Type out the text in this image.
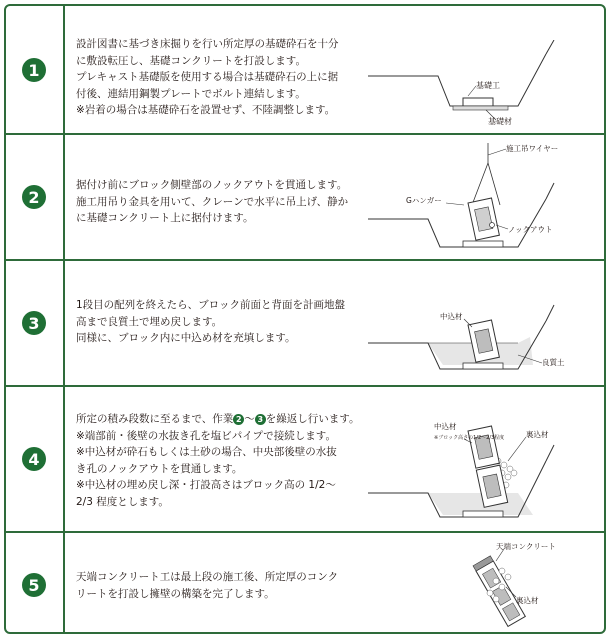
1

設計図書に基づき床掘りを行い所定厚の基礎砕石を十分

に敷設転圧し、基礎コンクリートを打設します。

プレキャスト基礎版を使用する場合は基礎砕石の上に据

付後、連結用鋼製プレートでボルト連結します。

※岩着の場合は基礎砕石を設置せず、不陸調整します。

基礎工
基礎材
2

据付け前にブロック側壁部のノックアウトを貫通します。

施工用吊り金具を用いて、クレーンで水平に吊上げ、静か

に基礎コンクリート上に据付けます。

施工吊ワイヤー
Gハンガー
ノックアウト
3

1段目の配列を終えたら、ブロック前面と背面を計画地盤

高まで良質土で埋め戻します。

同様に、ブロック内に中込め材を充填します。

中込材
良質土
4

所定の積み段数に至るまで、作業 2 〜 3 を繰返し行います。

※端部前・後壁の水抜き孔を塩ビパイプで接続します。

※中込材が砕石もしくは土砂の場合、中央部後壁の水抜

き孔のノックアウトを貫通します。

※中込材の埋め戻し深・打設高さはブロック高の 1/2～

2/3 程度とします。

中込材
※ブロック高さの1/2～2/3程度	裏込材
5	天端コンクリート工は最上段の施工後、所定厚のコンク

リートを打設し擁壁の構築を完了します。

天端コンクリート
裏込材
